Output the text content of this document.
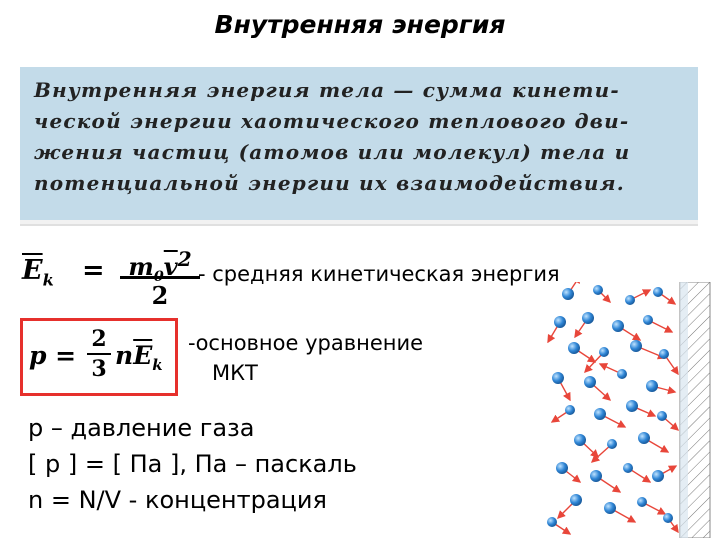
Внутренняя энергия
Внутренняя энергия тела — сумма кинети-
ческой энергии хаотического теплового дви-
жения частиц (атомов или молекул) тела и
потенциальной энергии их взаимодействия.
$\overline{E}_k = m_0\overline{v}^2$
2
- средняя кинетическая энергия
p =
2
3 $n\overline{E}_k$
-основное уравнение
МКТ
p – давление газа
[ p ] = [ Па ], Па – паскаль
n = N/V - концентрация
